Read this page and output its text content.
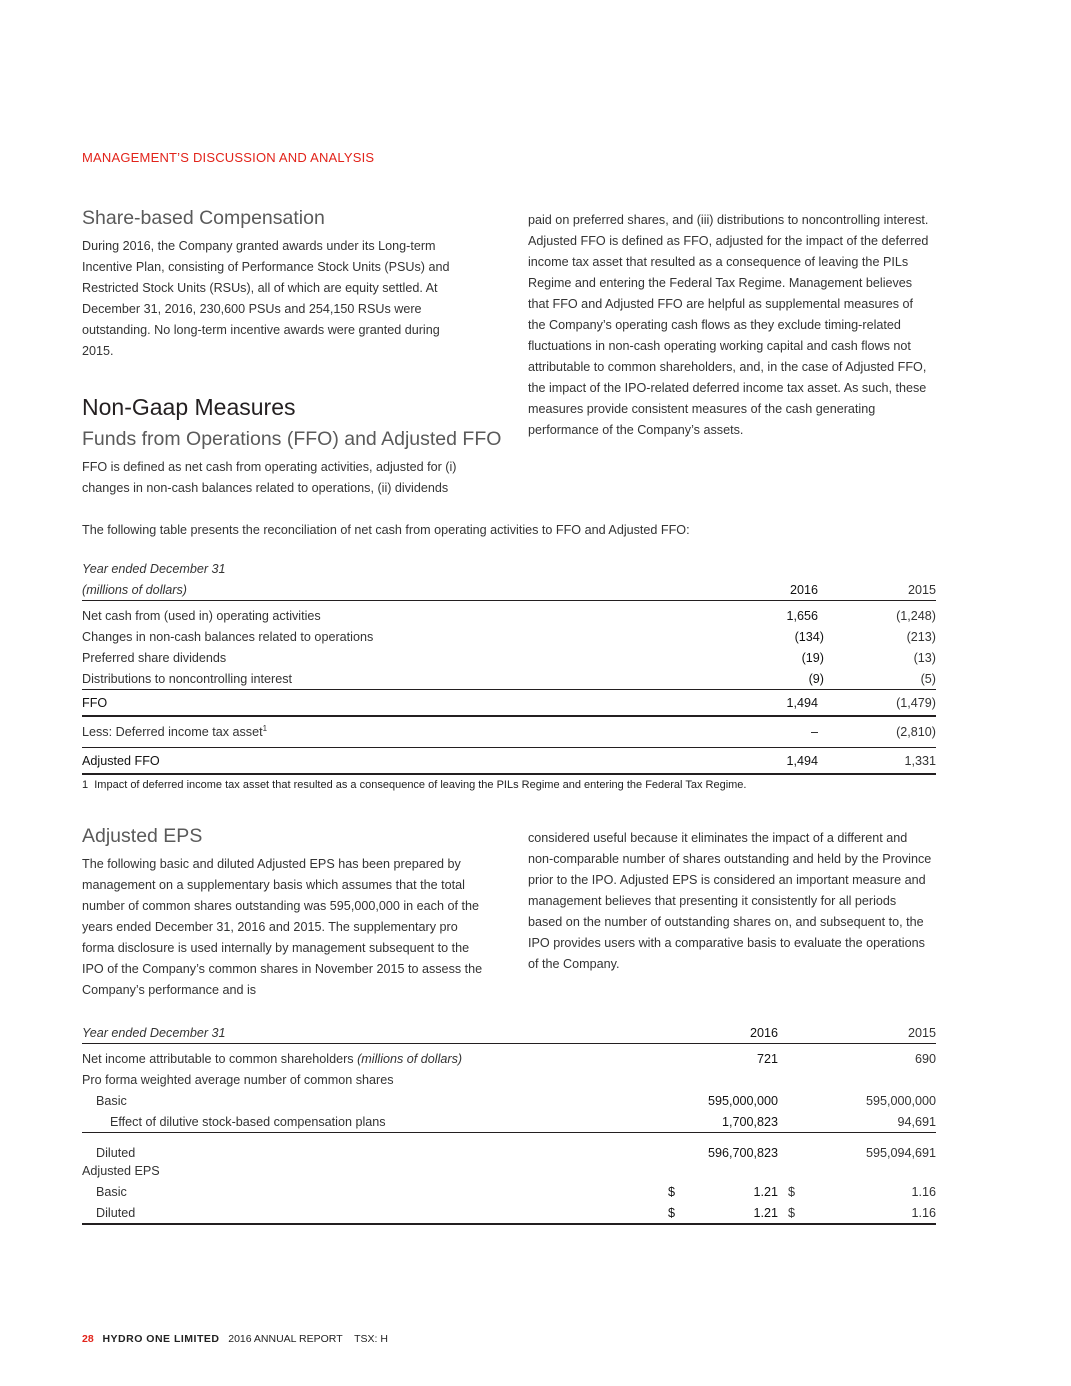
MANAGEMENT’S DISCUSSION AND ANALYSIS
Share-based Compensation

During 2016, the Company granted awards under its Long-term Incentive Plan, consisting of Performance Stock Units (PSUs) and Restricted Stock Units (RSUs), all of which are equity settled. At December 31, 2016, 230,600 PSUs and 254,150 RSUs were outstanding. No long-term incentive awards were granted during 2015.

Non-Gaap Measures
Funds from Operations (FFO) and Adjusted FFO

FFO is defined as net cash from operating activities, adjusted for (i) changes in non-cash balances related to operations, (ii) dividends

paid on preferred shares, and (iii) distributions to noncontrolling interest. Adjusted FFO is defined as FFO, adjusted for the impact of the deferred income tax asset that resulted as a consequence of leaving the PILs Regime and entering the Federal Tax Regime. Management believes that FFO and Adjusted FFO are helpful as supplemental measures of the Company’s operating cash flows as they exclude timing-related fluctuations in non-cash operating working capital and cash flows not attributable to common shareholders, and, in the case of Adjusted FFO, the impact of the IPO-related deferred income tax asset. As such, these measures provide consistent measures of the cash generating performance of the Company’s assets.

The following table presents the reconciliation of net cash from operating activities to FFO and Adjusted FFO:

Year ended December 31		
(millions of dollars)	2016	2015

Net cash from (used in) operating activities	1,656	(1,248)
Changes in non-cash balances related to operations	(134)	(213)
Preferred share dividends	(19)	(13)
Distributions to noncontrolling interest	(9)	(5)
FFO	1,494	(1,479)
Less: Deferred income tax asset$^1$	–	(2,810)
Adjusted FFO	1,494	1,331
1 Impact of deferred income tax asset that resulted as a consequence of leaving the PILs Regime and entering the Federal Tax Regime.
Adjusted EPS

The following basic and diluted Adjusted EPS has been prepared by management on a supplementary basis which assumes that the total number of common shares outstanding was 595,000,000 in each of the years ended December 31, 2016 and 2015. The supplementary pro forma disclosure is used internally by management subsequent to the IPO of the Company’s common shares in November 2015 to assess the Company’s performance and is

considered useful because it eliminates the impact of a different and non-comparable number of shares outstanding and held by the Province prior to the IPO. Adjusted EPS is considered an important measure and management believes that presenting it consistently for all periods based on the number of outstanding shares on, and subsequent to, the IPO provides users with a comparative basis to evaluate the operations of the Company.

Year ended December 31		2016		2015

Net income attributable to common shareholders (millions of dollars)		721		690
Pro forma weighted average number of common shares				
Basic		595,000,000		595,000,000
Effect of dilutive stock-based compensation plans		1,700,823		94,691
Diluted		596,700,823		595,094,691
Adjusted EPS				
Basic	$	1.21	$	1.16
Diluted	$	1.21	$	1.16
28 HYDRO ONE LIMITED 2016 ANNUAL REPORT TSX: H
